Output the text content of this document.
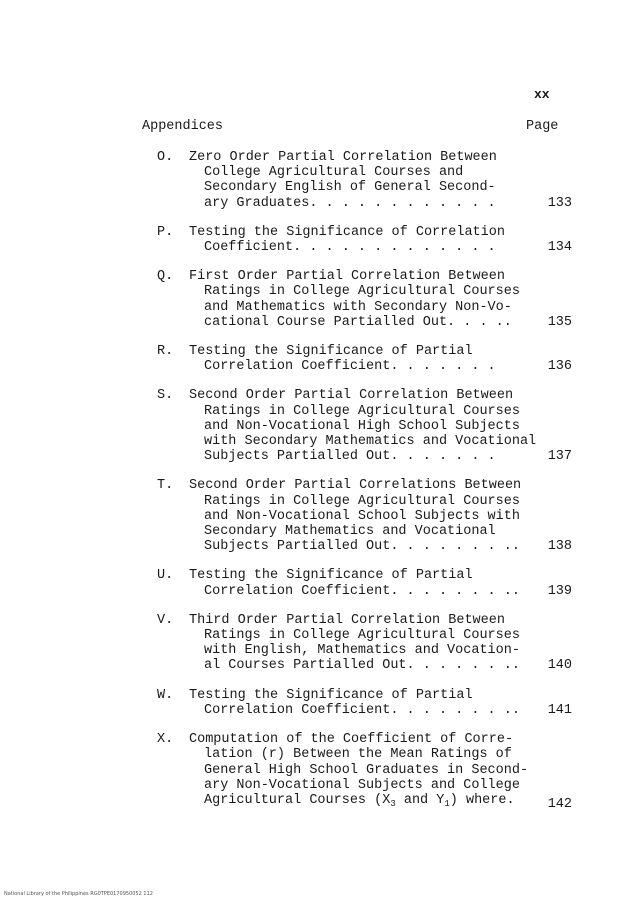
xx
Appendices	Page
O. Zero Order Partial Correlation Between
College Agricultural Courses and
Secondary English of General Second-
ary Graduates. . . . . . . . . . . .	133
P. Testing the Significance of Correlation
Coefficient. . . . . . . . . . . . .	134
Q. First Order Partial Correlation Between
Ratings in College Agricultural Courses
and Mathematics with Secondary Non-Vo-
cational Course Partialled Out. . . ..	135
R. Testing the Significance of Partial
Correlation Coefficient. . . . . . .	136
S. Second Order Partial Correlation Between
Ratings in College Agricultural Courses
and Non-Vocational High School Subjects
with Secondary Mathematics and Vocational
Subjects Partialled Out. . . . . . .	137
T. Second Order Partial Correlations Between
Ratings in College Agricultural Courses
and Non-Vocational School Subjects with
Secondary Mathematics and Vocational
Subjects Partialled Out. . . . . . . ..	138
U. Testing the Significance of Partial
Correlation Coefficient. . . . . . . ..	139
V. Third Order Partial Correlation Between
Ratings in College Agricultural Courses
with English, Mathematics and Vocation-
al Courses Partialled Out. . . . . . ..	140
W. Testing the Significance of Partial
Correlation Coefficient. . . . . . . ..	141
X. Computation of the Coefficient of Corre-
lation (r) Between the Mean Ratings of
General High School Graduates in Second-
ary Non-Vocational Subjects and College
Agricultural Courses ($X_3$ and $Y_1$) where.	142
National Library of the Philippines RG0TPE0170950052 112
